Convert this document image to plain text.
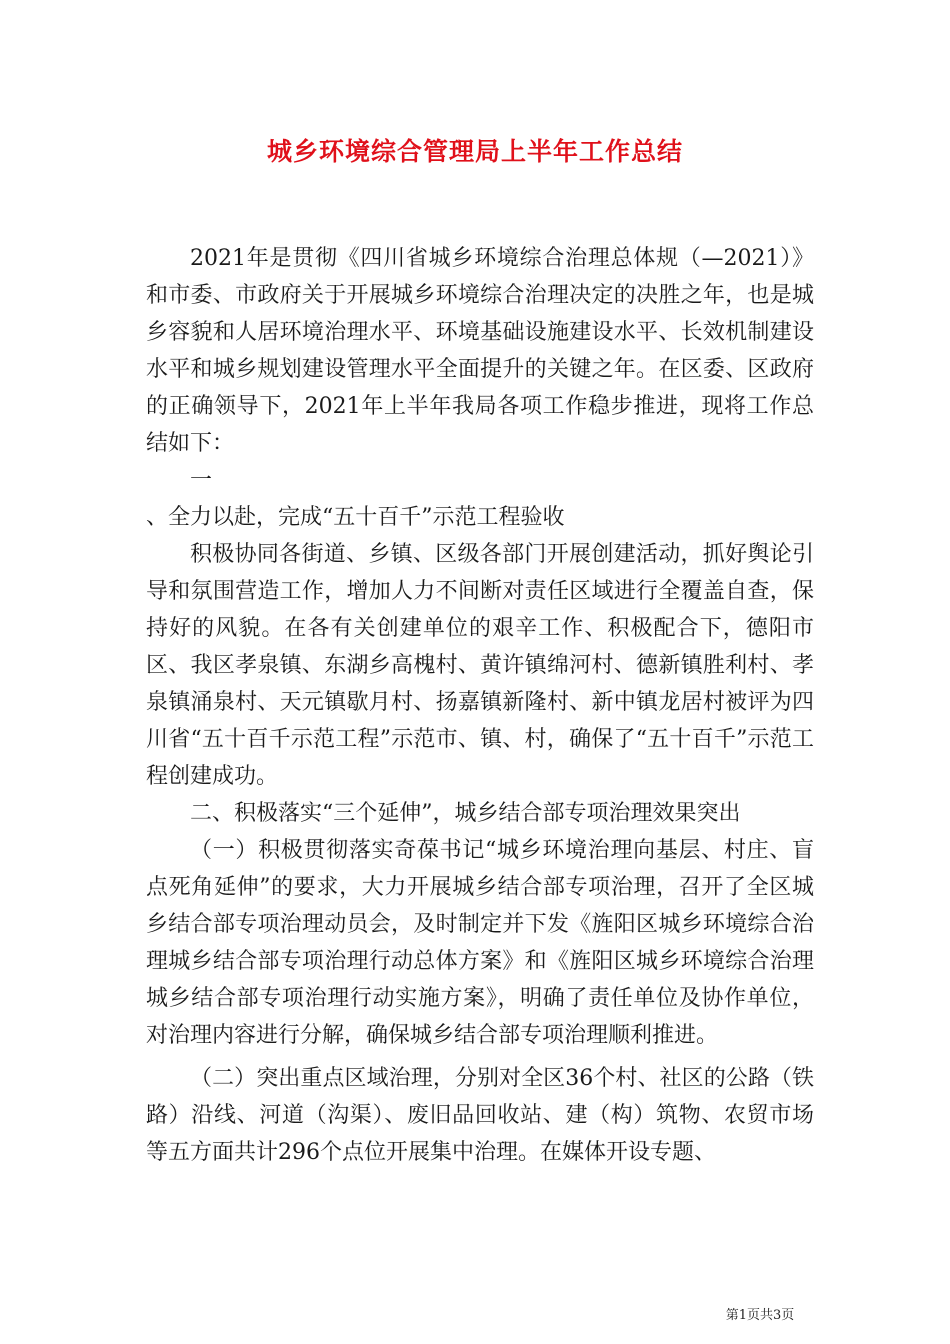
城乡环境综合管理局上半年工作总结

2021年是贯彻《四川省城乡环境综合治理总体规（—2021）》和市委、市政府关于开展城乡环境综合治理决定的决胜之年，也是城乡容貌和人居环境治理水平、环境基础设施建设水平、长效机制建设水平和城乡规划建设管理水平全面提升的关键之年。在区委、区政府的正确领导下，2021年上半年我局各项工作稳步推进，现将工作总结如下：

一

、全力以赴，完成“五十百千”示范工程验收

积极协同各街道、乡镇、区级各部门开展创建活动，抓好舆论引导和氛围营造工作，增加人力不间断对责任区域进行全覆盖自查，保持好的风貌。在各有关创建单位的艰辛工作、积极配合下，德阳市区、我区孝泉镇、东湖乡高槐村、黄许镇绵河村、德新镇胜利村、孝泉镇涌泉村、天元镇歇月村、扬嘉镇新隆村、新中镇龙居村被评为四川省“五十百千示范工程”示范市、镇、村，确保了“五十百千”示范工程创建成功。

二、积极落实“三个延伸”，城乡结合部专项治理效果突出

（一）积极贯彻落实奇葆书记“城乡环境治理向基层、村庄、盲点死角延伸”的要求，大力开展城乡结合部专项治理，召开了全区城乡结合部专项治理动员会，及时制定并下发《旌阳区城乡环境综合治理城乡结合部专项治理行动总体方案》和《旌阳区城乡环境综合治理城乡结合部专项治理行动实施方案》，明确了责任单位及协作单位，对治理内容进行分解，确保城乡结合部专项治理顺利推进。

（二）突出重点区域治理，分别对全区36个村、社区的公路（铁路）沿线、河道（沟渠）、废旧品回收站、建（构）筑物、农贸市场等五方面共计296个点位开展集中治理。在媒体开设专题、

第1页共3页
